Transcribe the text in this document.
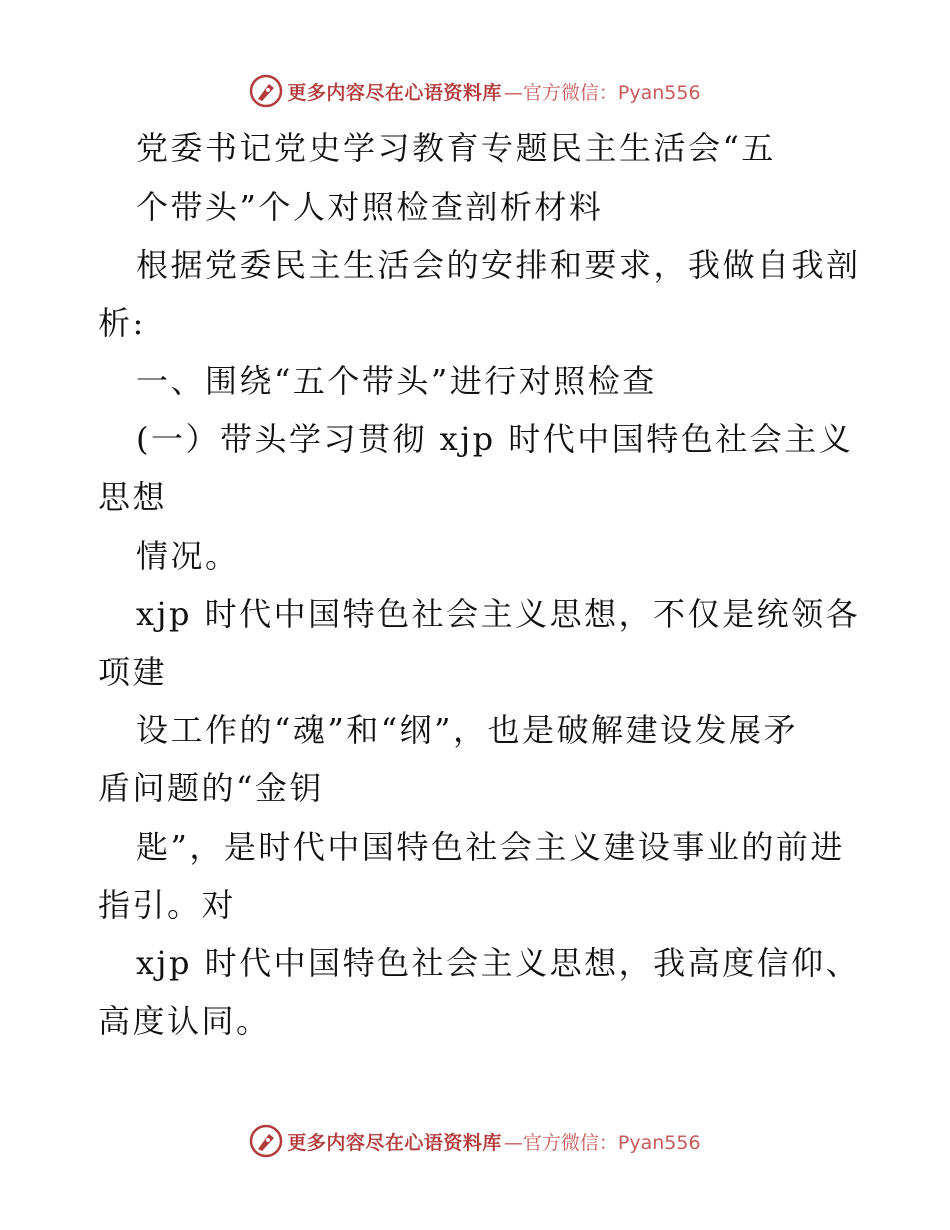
更多内容尽在心语资料库 —官方微信：Pyan556
党委书记党史学习教育专题民主生活会“五
个带头”个人对照检查剖析材料
根据党委民主生活会的安排和要求，我做自我剖
析:
一、围绕“五个带头”进行对照检查
(一）带头学习贯彻 xjp 时代中国特色社会主义
思想
情况。
xjp 时代中国特色社会主义思想，不仅是统领各
项建
设工作的“魂”和“纲”，也是破解建设发展矛
盾问题的“金钥
匙”，是时代中国特色社会主义建设事业的前进
指引。对
xjp 时代中国特色社会主义思想，我高度信仰、
高度认同。
更多内容尽在心语资料库 —官方微信：Pyan556
